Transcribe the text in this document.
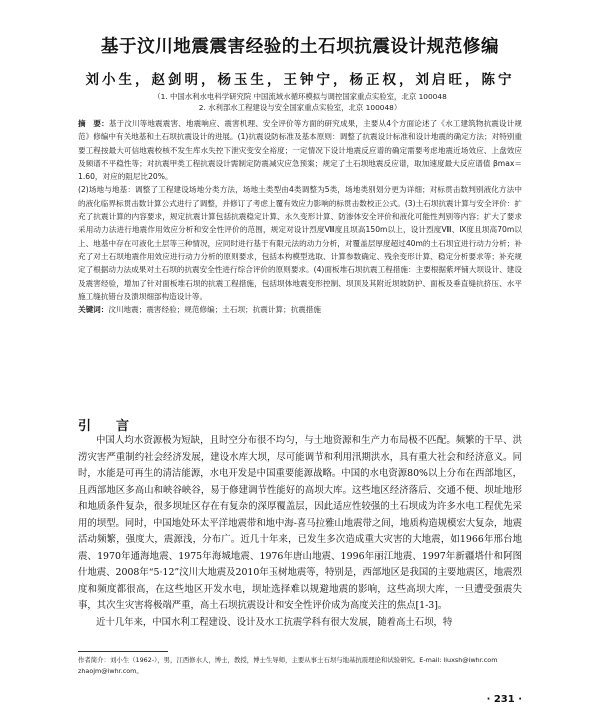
基于汶川地震震害经验的土石坝抗震设计规范修编
刘小生，赵剑明，杨玉生，王钟宁，杨正权，刘启旺，陈宁
（1. 中国水利水电科学研究院 中国流域水循环模拟与调控国家重点实验室，北京 100048
2. 水利部水工程建设与安全国家重点实验室，北京 100048）

摘　要：基于汶川等地震震害、地震响应、震害机理、安全评价等方面的研究成果，主要从4个方面论述了《水工建筑物抗震设计规范》修编中有关地基和土石坝抗震设计的进展。(1)抗震设防标准及基本原则：调整了抗震设计标准和设计地震的确定方法；对特别重要工程按最大可信地震校核不发生库水失控下泄灾变安全裕度；一定情况下设计地震反应谱的确定需要考虑地震近场效应、上盘效应及频谱不平稳性等；对抗震甲类工程抗震设计需制定防震减灾应急预案；规定了土石坝地震反应谱，取加速度最大反应谱值 βmax＝1.60，对应的阻尼比20%。

(2)场地与地基：调整了工程建设场地分类方法，场地土类型由4类调整为5类，场地类别划分更为详细；对标贯击数判别液化方法中的液化临界标贯击数计算公式进行了调整，并修订了考虑上覆有效应力影响的标贯击数校正公式。(3)土石坝抗震计算与安全评价：扩充了抗震计算的内容要求，规定抗震计算包括抗震稳定计算、永久变形计算、防渗体安全评价和液化可能性判别等内容；扩大了要求采用动力法进行地震作用效应分析和安全性评价的范围，规定对设计烈度Ⅷ度且坝高150m以上，设计烈度Ⅷ、Ⅸ度且坝高70m以上、地基中存在可液化土层等三种情况，应同时进行基于有限元法的动力分析，对覆盖层厚度超过40m的土石坝宜进行动力分析；补充了对土石坝地震作用效应进行动力分析的原则要求，包括本构模型选取、计算参数确定、残余变形计算、稳定分析要求等；补充规定了根据动力法成果对土石坝的抗震安全性进行综合评价的原则要求。(4)面板堆石坝抗震工程措施：主要根据紫坪铺大坝设计、建设及震害经验，增加了针对面板堆石坝的抗震工程措施，包括坝体地震变形控制、坝顶及其附近坝坡防护、面板及垂直缝抗挤压、水平施工缝抗错台及溃坝细部构造设计等。

关键词：汶川地震；震害经验；规范修编；土石坝；抗震计算；抗震措施

引　言

中国人均水资源极为短缺，且时空分布很不均匀，与土地资源和生产力布局极不匹配。频繁的干旱、洪涝灾害严重制约社会经济发展，建设水库大坝，尽可能调节和利用汛期洪水，具有重大社会和经济意义。同时，水能是可再生的清洁能源，水电开发是中国重要能源战略。中国的水电资源80%以上分布在西部地区，且西部地区多高山和峡谷峡谷，易于修建调节性能好的高坝大库。这些地区经济落后、交通不便、坝址地形和地质条件复杂，很多坝址区存在有复杂的深厚覆盖层，因此适应性较强的土石坝成为许多水电工程优先采用的坝型。同时，中国地处环太平洋地震带和地中海-喜马拉雅山地震带之间，地质构造规模宏大复杂，地震活动频繁，强度大，震源浅，分布广。近几十年来，已发生多次造成重大灾害的大地震，如1966年邢台地震、1970年通海地震、1975年海城地震、1976年唐山地震、1996年丽江地震、1997年新疆塔什和阿图什地震、2008年“5·12”汶川大地震及2010年玉树地震等，特别是，西部地区是我国的主要地震区，地震烈度和频度都很高，在这些地区开发水电，坝址选择难以规避地震的影响，这些高坝大库，一旦遭受强震失事，其次生灾害将极端严重，高土石坝抗震设计和安全性评价成为高度关注的焦点[1-3]。

近十几年来，中国水利工程建设、设计及水工抗震学科有很大发展，随着高土石坝，特

作者简介：刘小生（1962-），男，江西修水人，博士，教授，博士生导师，主要从事土石坝与地基抗震理论和试验研究。E-mail: liuxsh@iwhr.com zhaojm@iwhr.com。
· 231 ·
